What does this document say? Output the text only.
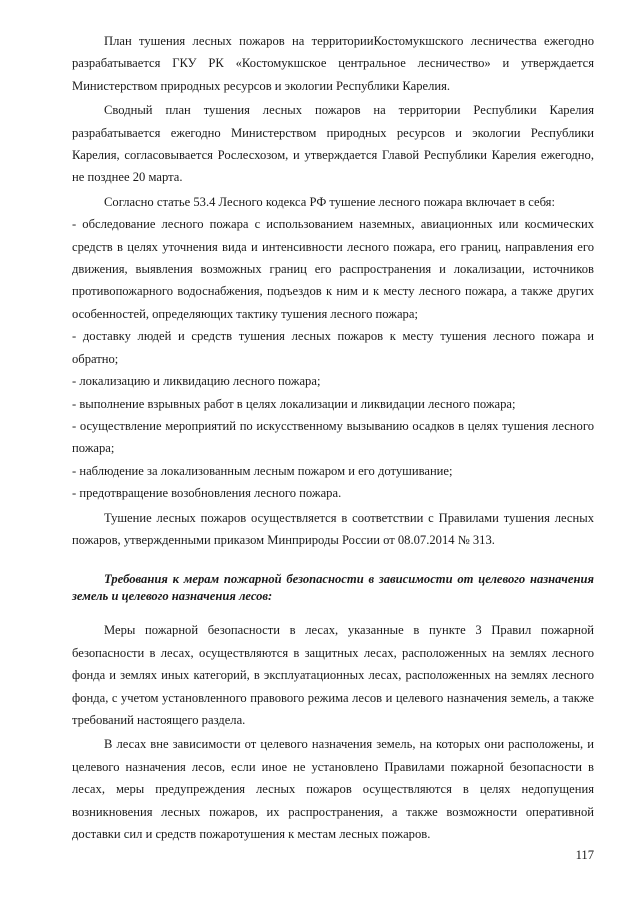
План тушения лесных пожаров на территорииКостомукшского лесничества ежегодно разрабатывается ГКУ РК «Костомукшское центральное лесничество» и утверждается Министерством природных ресурсов и экологии Республики Карелия.

Сводный план тушения лесных пожаров на территории Республики Карелия разрабатывается ежегодно Министерством природных ресурсов и экологии Республики Карелия, согласовывается Рослесхозом, и утверждается Главой Республики Карелия ежегодно, не позднее 20 марта.

Согласно статье 53.4 Лесного кодекса РФ тушение лесного пожара включает в себя:

- обследование лесного пожара с использованием наземных, авиационных или космических средств в целях уточнения вида и интенсивности лесного пожара, его границ, направления его движения, выявления возможных границ его распространения и локализации, источников противопожарного водоснабжения, подъездов к ним и к месту лесного пожара, а также других особенностей, определяющих тактику тушения лесного пожара;

- доставку людей и средств тушения лесных пожаров к месту тушения лесного пожара и обратно;

- локализацию и ликвидацию лесного пожара;

- выполнение взрывных работ в целях локализации и ликвидации лесного пожара;

- осуществление мероприятий по искусственному вызыванию осадков в целях тушения лесного пожара;

- наблюдение за локализованным лесным пожаром и его дотушивание;

- предотвращение возобновления лесного пожара.

Тушение лесных пожаров осуществляется в соответствии с Правилами тушения лесных пожаров, утвержденными приказом Минприроды России от 08.07.2014 № 313.

Требования к мерам пожарной безопасности в зависимости от целевого назначения земель и целевого назначения лесов:

Меры пожарной безопасности в лесах, указанные в пункте 3 Правил пожарной безопасности в лесах, осуществляются в защитных лесах, расположенных на землях лесного фонда и землях иных категорий, в эксплуатационных лесах, расположенных на землях лесного фонда, с учетом установленного правового режима лесов и целевого назначения земель, а также требований настоящего раздела.

В лесах вне зависимости от целевого назначения земель, на которых они расположены, и целевого назначения лесов, если иное не установлено Правилами пожарной безопасности в лесах, меры предупреждения лесных пожаров осуществляются в целях недопущения возникновения лесных пожаров, их распространения, а также возможности оперативной доставки сил и средств пожаротушения к местам лесных пожаров.

117
